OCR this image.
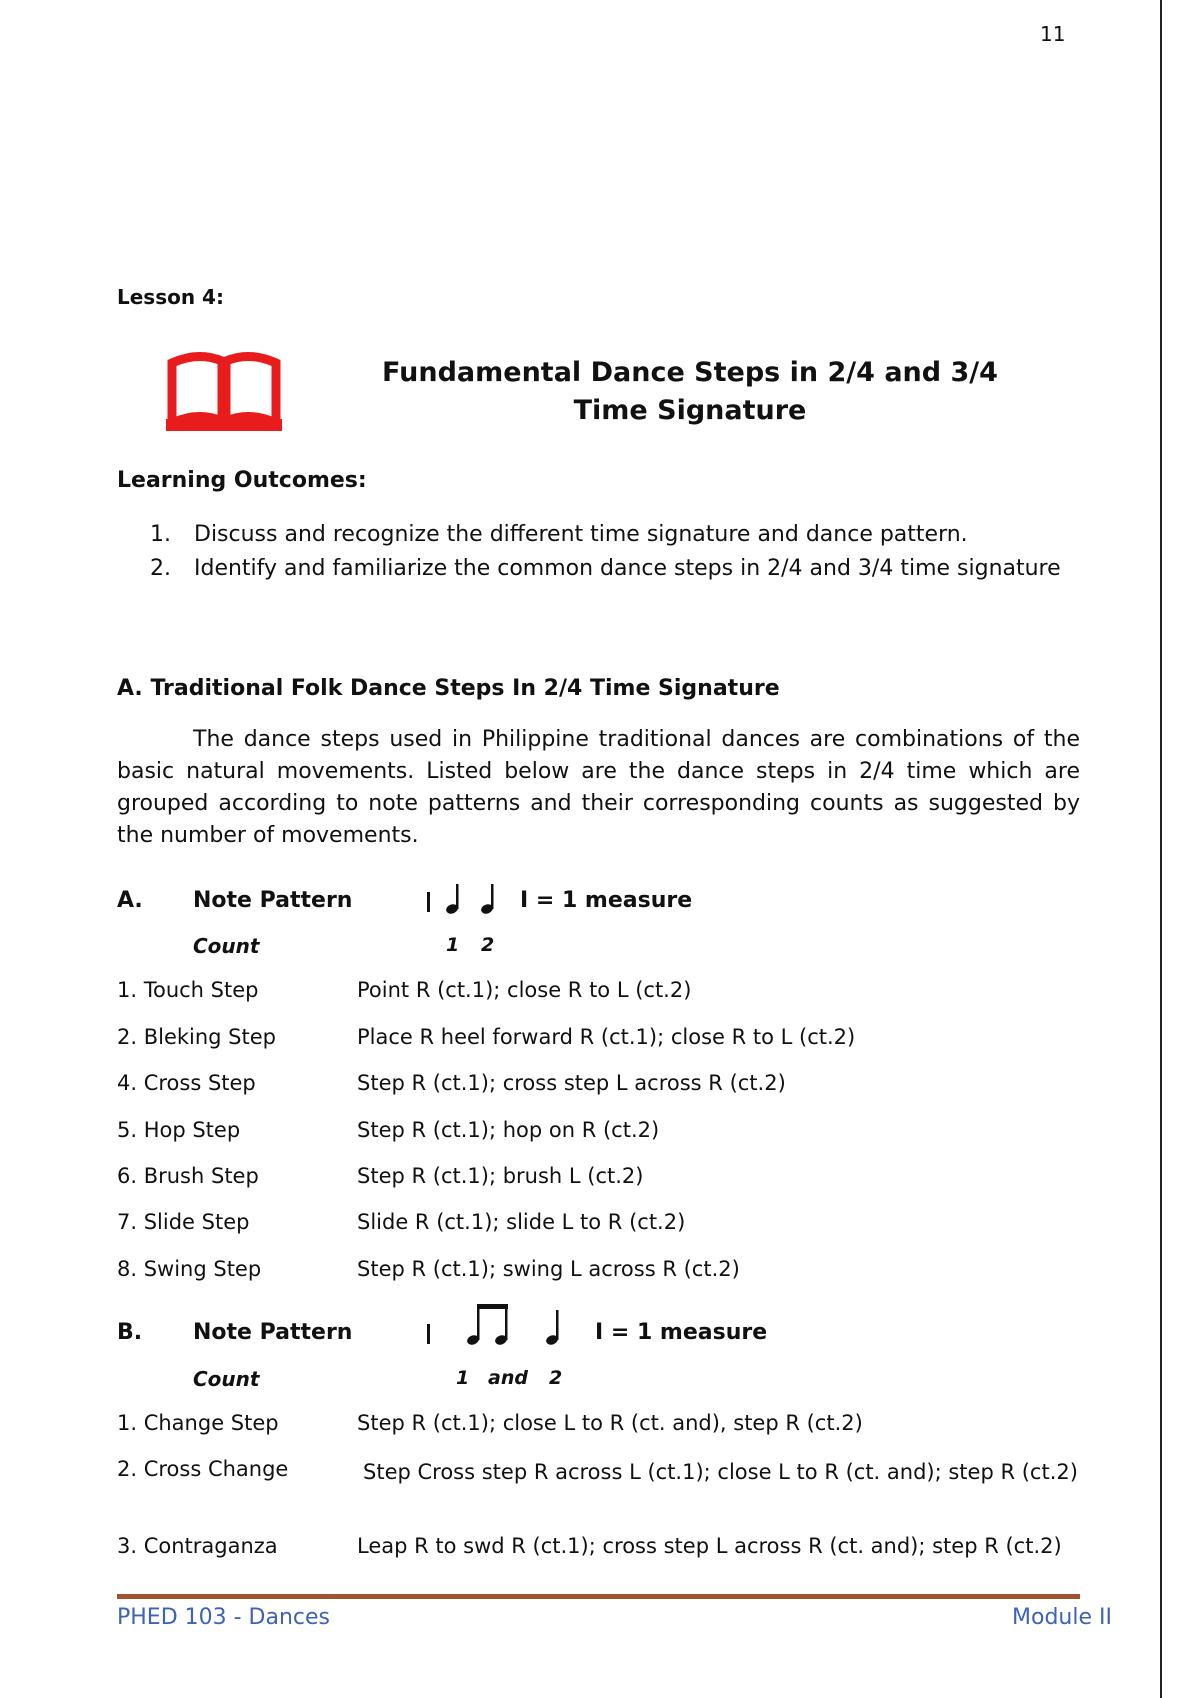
11
Lesson 4:
Fundamental Dance Steps in 2/4 and 3/4
Time Signature
Learning Outcomes:
1.	Discuss and recognize the different time signature and dance pattern.
2.	Identify and familiarize the common dance steps in 2/4 and 3/4 time signature
A. Traditional Folk Dance Steps In 2/4 Time Signature
The dance steps used in Philippine traditional dances are combinations of the basic natural movements. Listed below are the dance steps in 2/4 time which are grouped according to note patterns and their corresponding counts as suggested by the number of movements.
A. Note Pattern	I = 1 measure
Count	1 2
1. Touch Step	Point R (ct.1); close R to L (ct.2)
2. Bleking Step	Place R heel forward R (ct.1); close R to L (ct.2)
4. Cross Step	Step R (ct.1); cross step L across R (ct.2)
5. Hop Step	Step R (ct.1); hop on R (ct.2)
6. Brush Step	Step R (ct.1); brush L (ct.2)
7. Slide Step	Slide R (ct.1); slide L to R (ct.2)
8. Swing Step	Step R (ct.1); swing L across R (ct.2)
B. Note Pattern	I = 1 measure
Count	1 and 2
1. Change Step	Step R (ct.1); close L to R (ct. and), step R (ct.2)
2. Cross Change	Step Cross step R across L (ct.1); close L to R (ct. and); step R (ct.2)
3. Contraganza	Leap R to swd R (ct.1); cross step L across R (ct. and); step R (ct.2)
PHED 103 - Dances	Module II
